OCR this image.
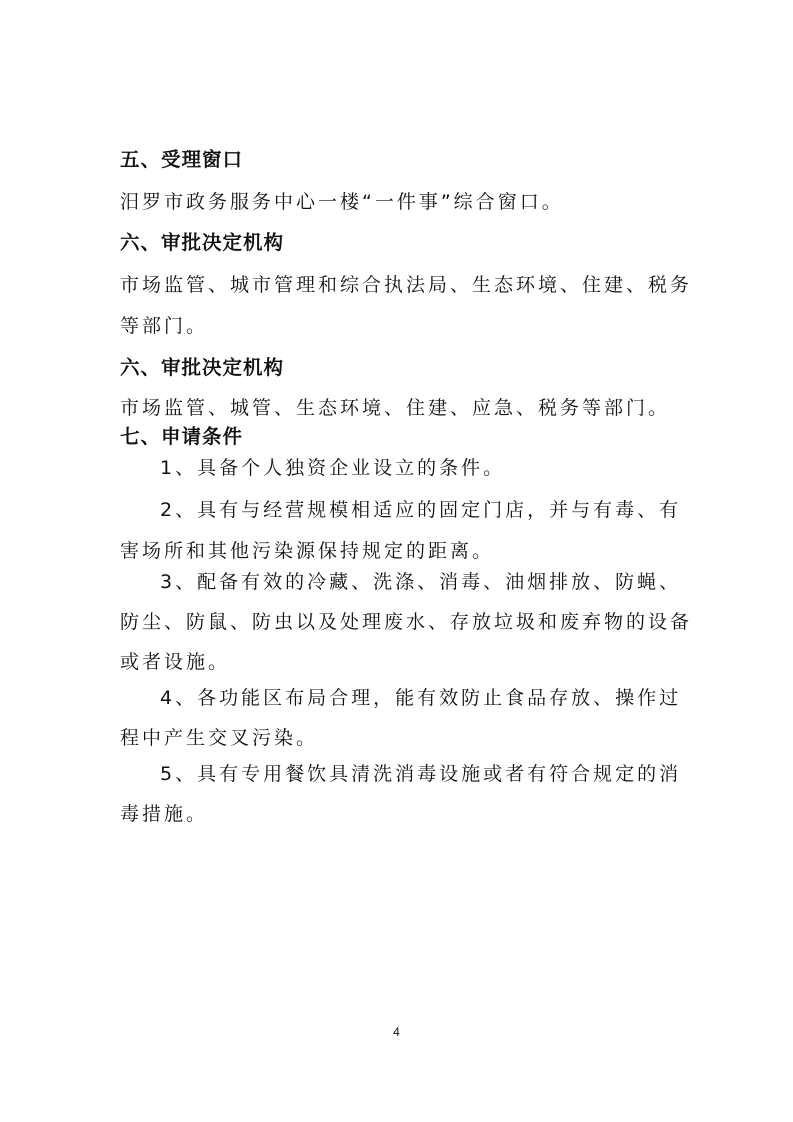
五、受理窗口
汨罗市政务服务中心一楼“一件事”综合窗口。
六、审批决定机构
市场监管、城市管理和综合执法局、生态环境、住建、税务
等部门。
六、审批决定机构
市场监管、城管、生态环境、住建、应急、税务等部门。
七、申请条件
1、具备个人独资企业设立的条件。
2、具有与经营规模相适应的固定门店，并与有毒、有
害场所和其他污染源保持规定的距离。
3、配备有效的冷藏、洗涤、消毒、油烟排放、防蝇、
防尘、防鼠、防虫以及处理废水、存放垃圾和废弃物的设备
或者设施。
4、各功能区布局合理，能有效防止食品存放、操作过
程中产生交叉污染。
5、具有专用餐饮具清洗消毒设施或者有符合规定的消
毒措施。
4
